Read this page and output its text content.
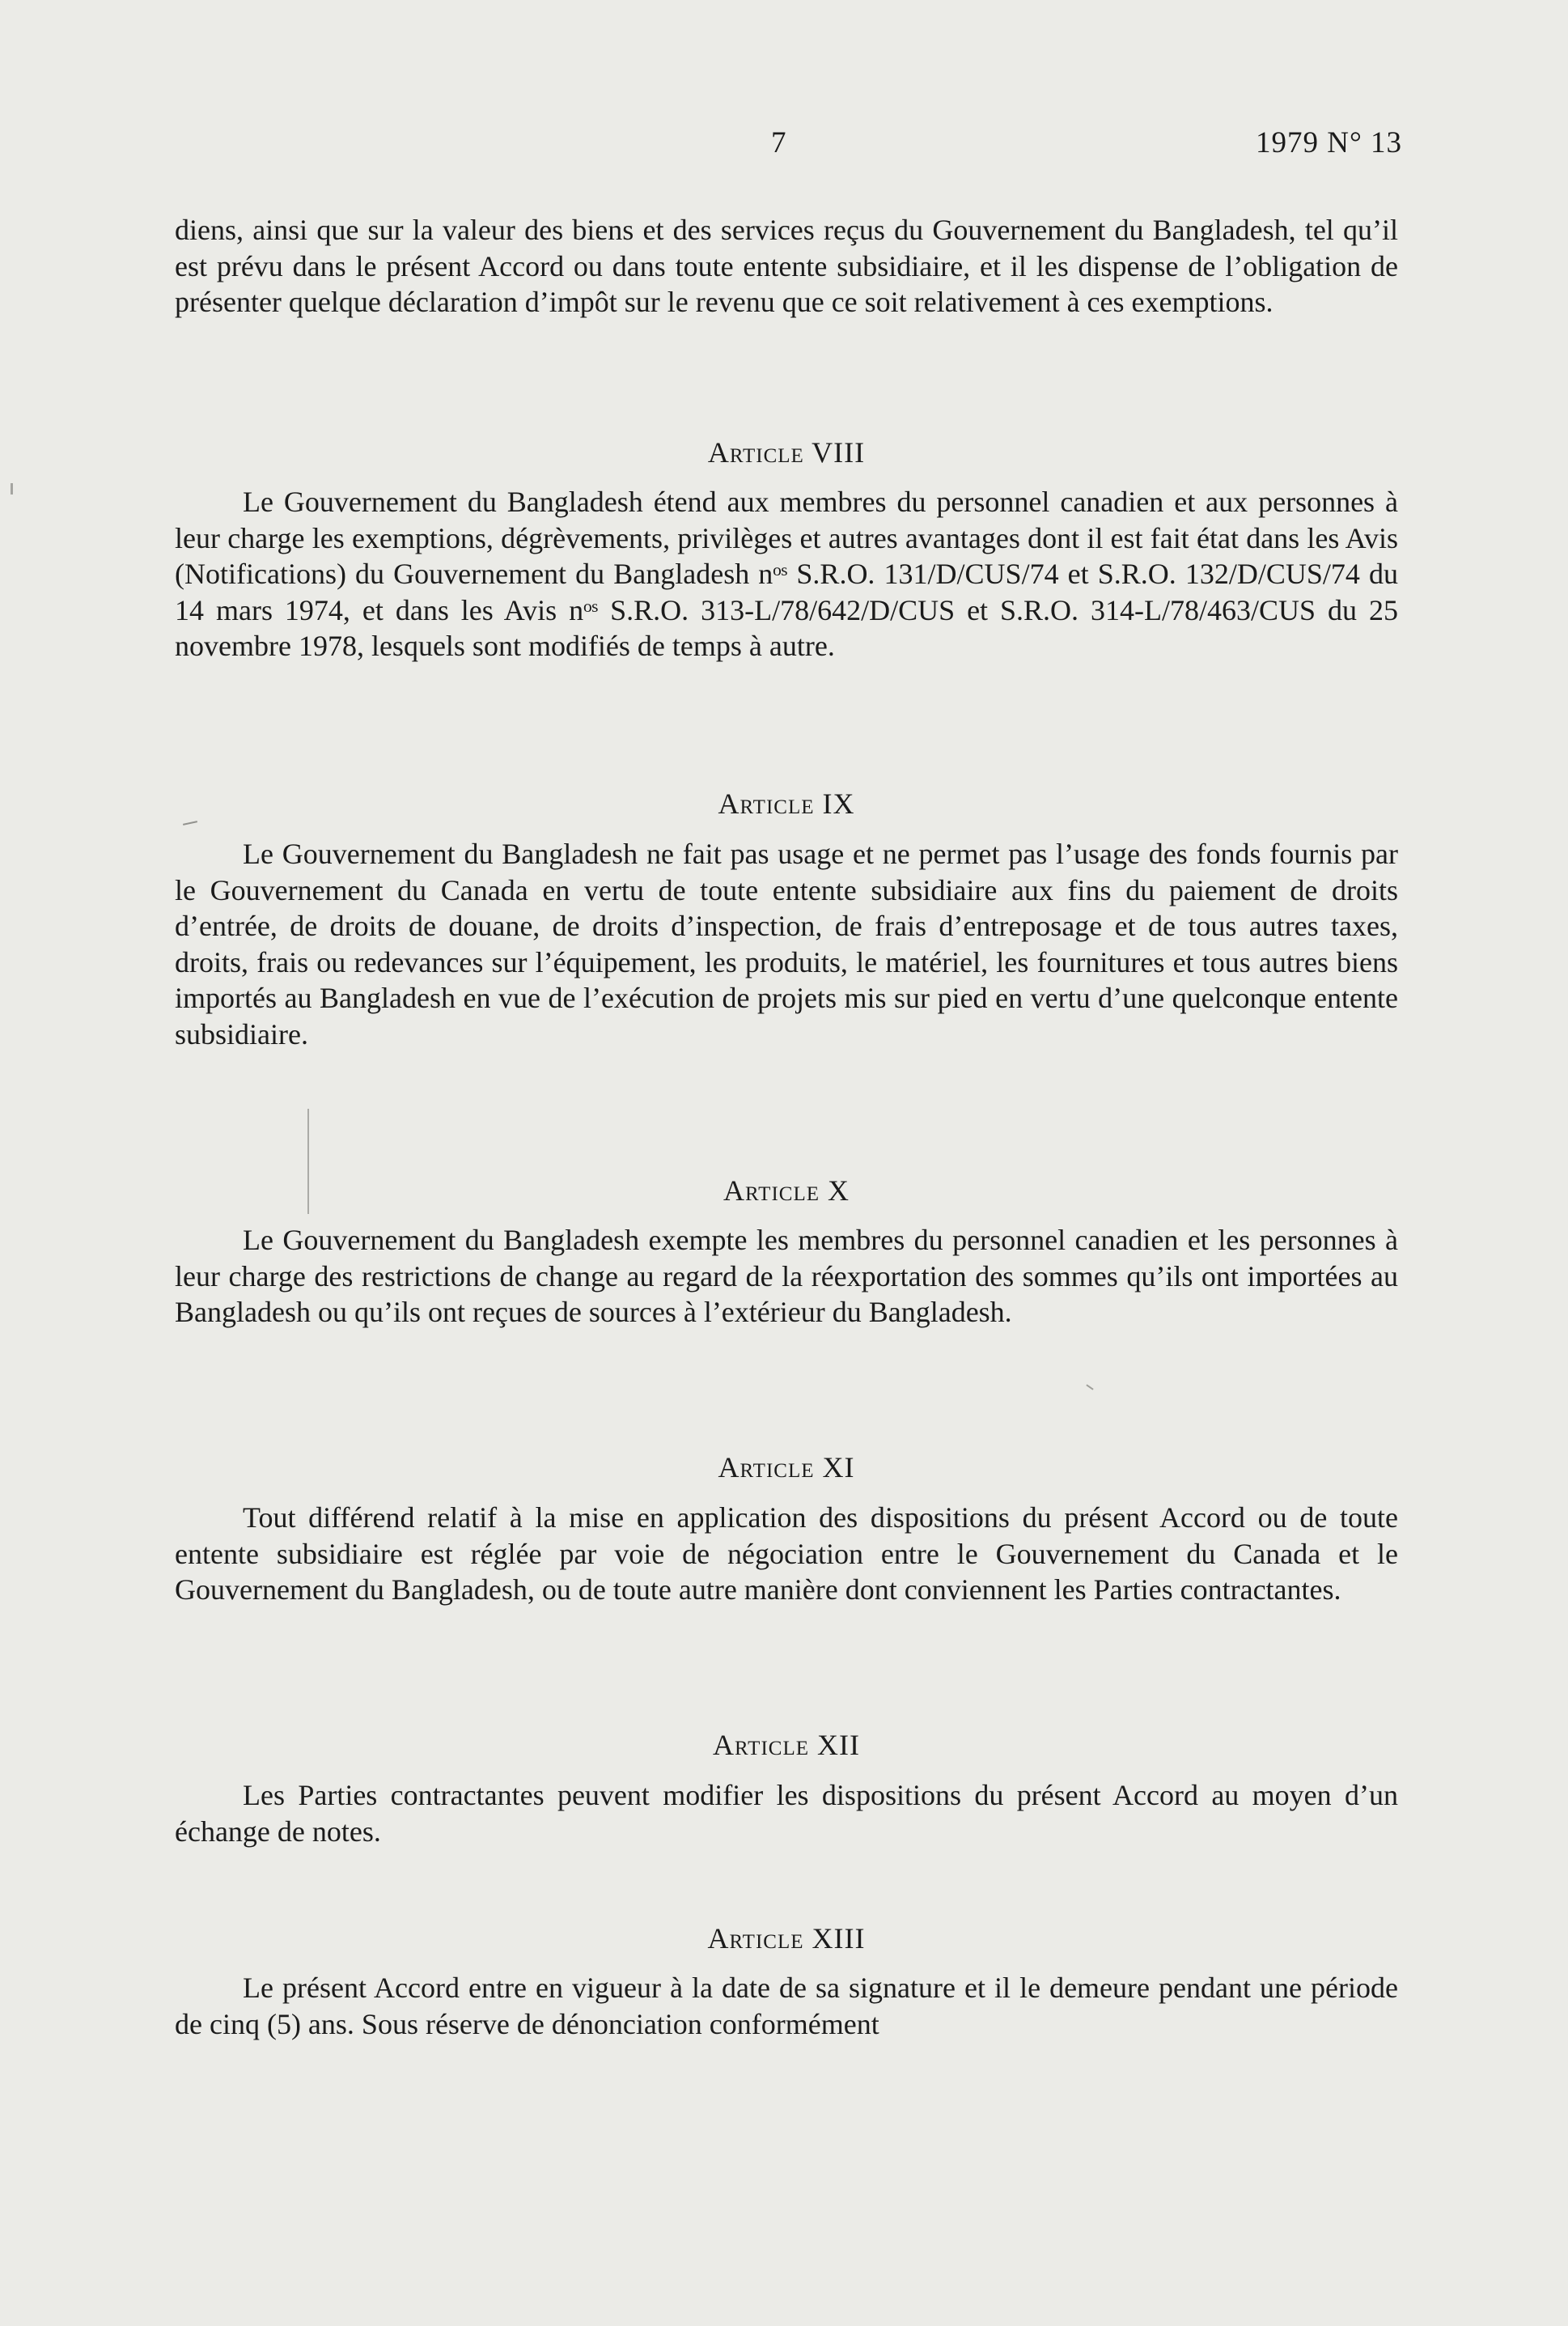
7	1979 N° 13

diens, ainsi que sur la valeur des biens et des services reçus du Gouvernement du Bangladesh, tel qu’il est prévu dans le présent Accord ou dans toute entente subsidiaire, et il les dispense de l’obligation de présenter quelque déclaration d’impôt sur le revenu que ce soit relativement à ces exemptions.

Article VIII

Le Gouvernement du Bangladesh étend aux membres du personnel canadien et aux personnes à leur charge les exemptions, dégrèvements, privilèges et autres avantages dont il est fait état dans les Avis (Notifications) du Gouvernement du Bangladesh nᵒˢ S.R.O. 131/D/CUS/74 et S.R.O. 132/D/CUS/74 du 14 mars 1974, et dans les Avis nᵒˢ S.R.O. 313-L/78/642/D/CUS et S.R.O. 314-L/78/463/CUS du 25 novembre 1978, lesquels sont modifiés de temps à autre.

Article IX

Le Gouvernement du Bangladesh ne fait pas usage et ne permet pas l’usage des fonds fournis par le Gouvernement du Canada en vertu de toute entente subsidiaire aux fins du paiement de droits d’entrée, de droits de douane, de droits d’inspection, de frais d’entreposage et de tous autres taxes, droits, frais ou redevances sur l’équipement, les produits, le matériel, les fournitures et tous autres biens importés au Bangladesh en vue de l’exécution de projets mis sur pied en vertu d’une quelconque entente subsidiaire.

Article X

Le Gouvernement du Bangladesh exempte les membres du personnel canadien et les personnes à leur charge des restrictions de change au regard de la réexportation des sommes qu’ils ont importées au Bangladesh ou qu’ils ont reçues de sources à l’extérieur du Bangladesh.

Article XI

Tout différend relatif à la mise en application des dispositions du présent Accord ou de toute entente subsidiaire est réglée par voie de négociation entre le Gouvernement du Canada et le Gouvernement du Bangladesh, ou de toute autre manière dont conviennent les Parties contractantes.

Article XII

Les Parties contractantes peuvent modifier les dispositions du présent Accord au moyen d’un échange de notes.

Article XIII

Le présent Accord entre en vigueur à la date de sa signature et il le demeure pendant une période de cinq (5) ans. Sous réserve de dénonciation conformément
